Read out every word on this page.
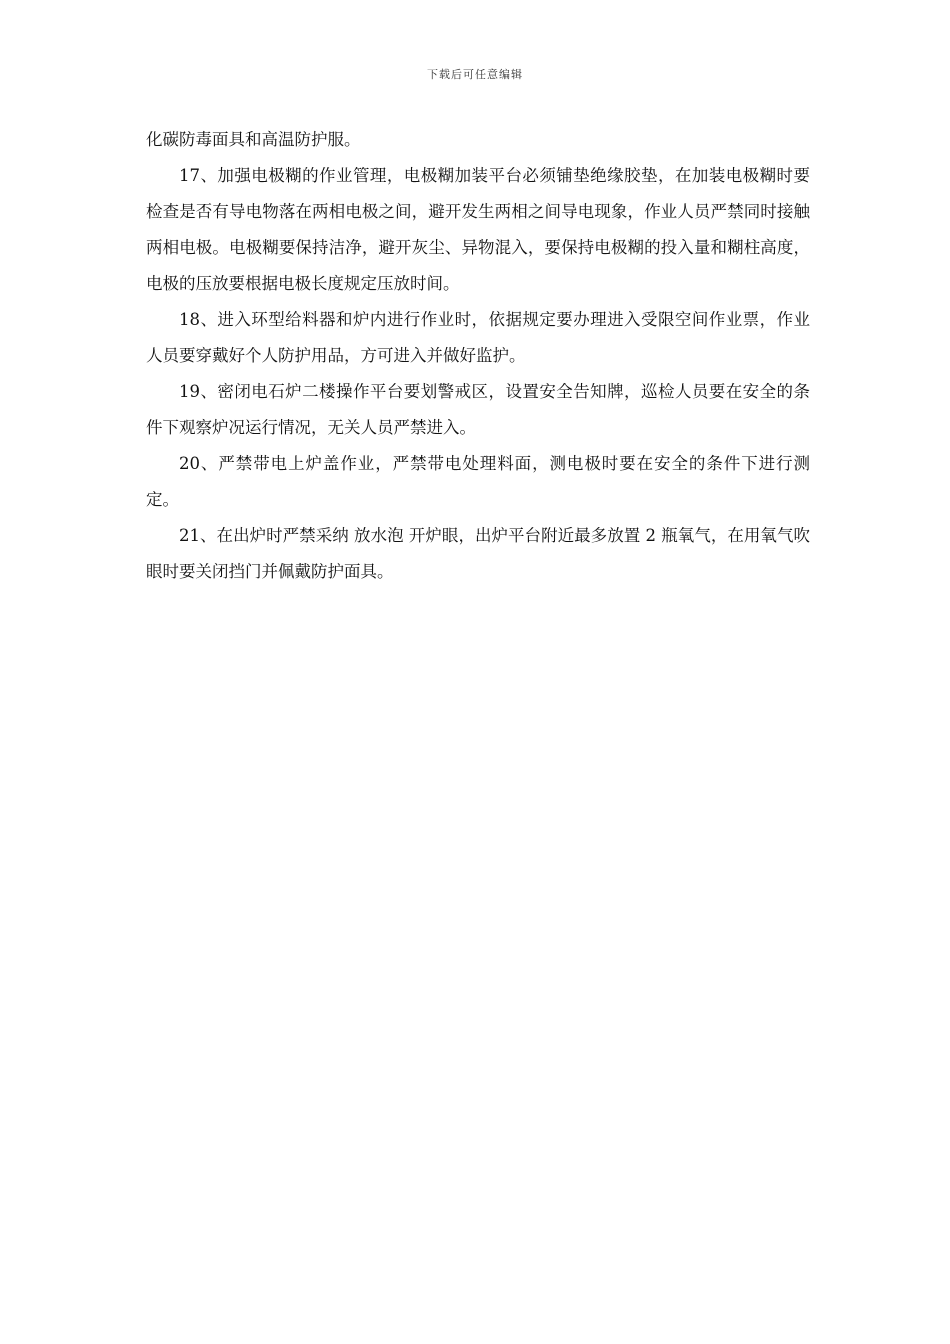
下载后可任意编辑

化碳防毒面具和高温防护服。

17、加强电极糊的作业管理，电极糊加装平台必须铺垫绝缘胶垫，在加装电极糊时要检查是否有导电物落在两相电极之间，避开发生两相之间导电现象，作业人员严禁同时接触两相电极。电极糊要保持洁净，避开灰尘、异物混入，要保持电极糊的投入量和糊柱高度，电极的压放要根据电极长度规定压放时间。

18、进入环型给料器和炉内进行作业时，依据规定要办理进入受限空间作业票，作业人员要穿戴好个人防护用品，方可进入并做好监护。

19、密闭电石炉二楼操作平台要划警戒区，设置安全告知牌，巡检人员要在安全的条件下观察炉况运行情况，无关人员严禁进入。

20、严禁带电上炉盖作业，严禁带电处理料面，测电极时要在安全的条件下进行测定。

21、在出炉时严禁采纳 放水泡 开炉眼，出炉平台附近最多放置 2 瓶氧气，在用氧气吹眼时要关闭挡门并佩戴防护面具。
